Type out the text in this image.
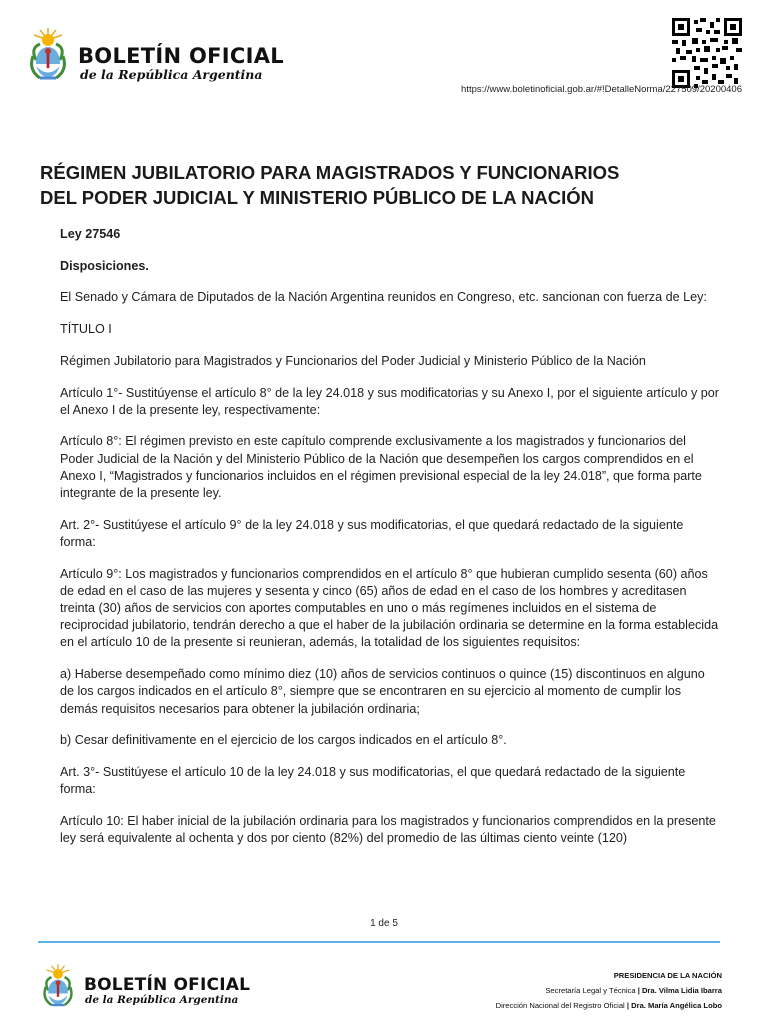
BOLETÍN OFICIAL
de la República Argentina
https://www.boletinoficial.gob.ar/#!DetalleNorma/227509/20200406
RÉGIMEN JUBILATORIO PARA MAGISTRADOS Y FUNCIONARIOS
DEL PODER JUDICIAL Y MINISTERIO PÚBLICO DE LA NACIÓN

Ley 27546

Disposiciones.

El Senado y Cámara de Diputados de la Nación Argentina reunidos en Congreso, etc. sancionan con fuerza de Ley:

TÍTULO I

Régimen Jubilatorio para Magistrados y Funcionarios del Poder Judicial y Ministerio Público de la Nación

Artículo 1°- Sustitúyense el artículo 8° de la ley 24.018 y sus modificatorias y su Anexo I, por el siguiente artículo y por el Anexo I de la presente ley, respectivamente:

Artículo 8°: El régimen previsto en este capítulo comprende exclusivamente a los magistrados y funcionarios del Poder Judicial de la Nación y del Ministerio Público de la Nación que desempeñen los cargos comprendidos en el Anexo I, “Magistrados y funcionarios incluidos en el régimen previsional especial de la ley 24.018”, que forma parte integrante de la presente ley.

Art. 2°- Sustitúyese el artículo 9° de la ley 24.018 y sus modificatorias, el que quedará redactado de la siguiente forma:

Artículo 9°: Los magistrados y funcionarios comprendidos en el artículo 8° que hubieran cumplido sesenta (60) años de edad en el caso de las mujeres y sesenta y cinco (65) años de edad en el caso de los hombres y acreditasen treinta (30) años de servicios con aportes computables en uno o más regímenes incluidos en el sistema de reciprocidad jubilatorio, tendrán derecho a que el haber de la jubilación ordinaria se determine en la forma establecida en el artículo 10 de la presente si reunieran, además, la totalidad de los siguientes requisitos:

a) Haberse desempeñado como mínimo diez (10) años de servicios continuos o quince (15) discontinuos en alguno de los cargos indicados en el artículo 8°, siempre que se encontraren en su ejercicio al momento de cumplir los demás requisitos necesarios para obtener la jubilación ordinaria;

b) Cesar definitivamente en el ejercicio de los cargos indicados en el artículo 8°.

Art. 3°- Sustitúyese el artículo 10 de la ley 24.018 y sus modificatorias, el que quedará redactado de la siguiente forma:

Artículo 10: El haber inicial de la jubilación ordinaria para los magistrados y funcionarios comprendidos en la presente ley será equivalente al ochenta y dos por ciento (82%) del promedio de las últimas ciento veinte (120)

1 de 5
BOLETÍN OFICIAL
de la República Argentina
PRESIDENCIA DE LA NACIÓN
Secretaría Legal y Técnica | Dra. Vilma Lidia Ibarra
Dirección Nacional del Registro Oficial | Dra. María Angélica Lobo
